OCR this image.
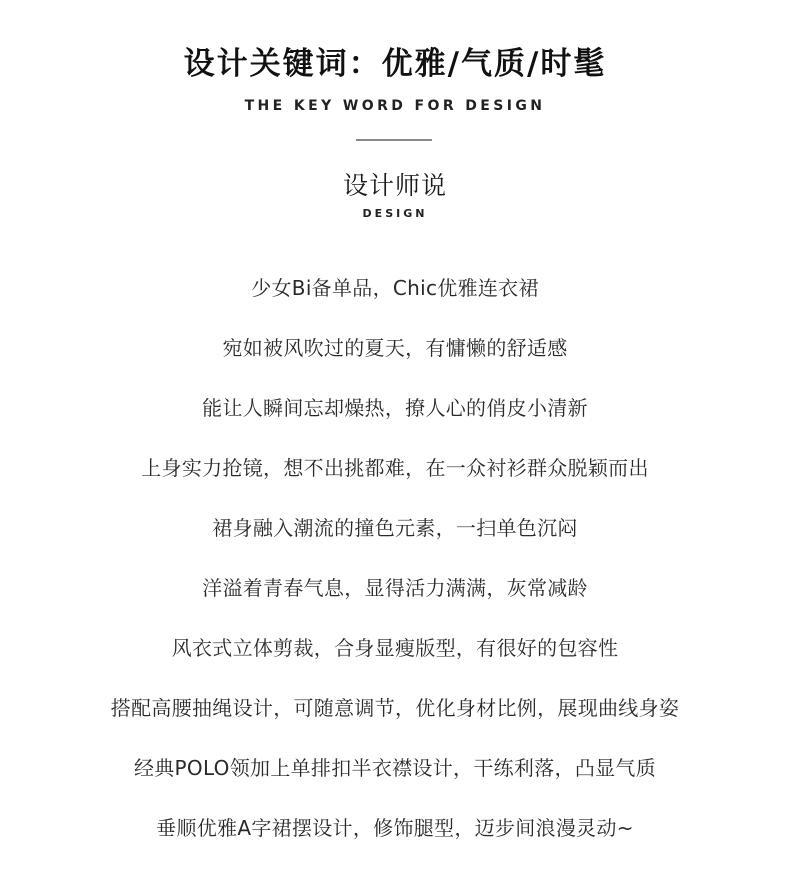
设计关键词：优雅/气质/时髦
THE KEY WORD FOR DESIGN
设计师说
DESIGN
少女Bi备单品，Chic优雅连衣裙
宛如被风吹过的夏天，有慵懒的舒适感
能让人瞬间忘却燥热，撩人心的俏皮小清新
上身实力抢镜，想不出挑都难，在一众衬衫群众脱颖而出
裙身融入潮流的撞色元素，一扫单色沉闷
洋溢着青春气息，显得活力满满，灰常减龄
风衣式立体剪裁，合身显瘦版型，有很好的包容性
搭配高腰抽绳设计，可随意调节，优化身材比例，展现曲线身姿
经典POLO领加上单排扣半衣襟设计，干练利落，凸显气质
垂顺优雅A字裙摆设计，修饰腿型，迈步间浪漫灵动~
